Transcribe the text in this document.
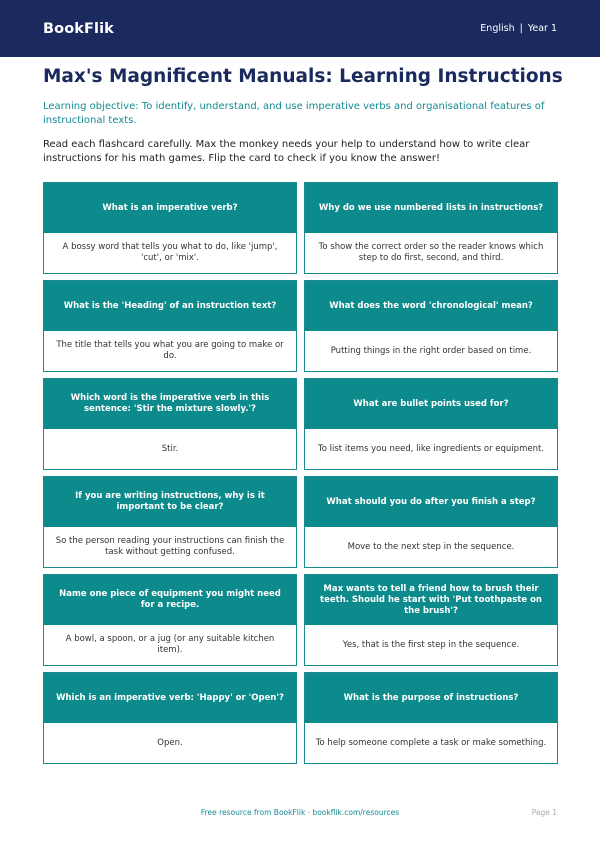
BookFlik	English | Year 1
Max's Magnificent Manuals: Learning Instructions

Learning objective: To identify, understand, and use imperative verbs and organisational features of instructional texts.

Read each flashcard carefully. Max the monkey needs your help to understand how to write clear instructions for his math games. Flip the card to check if you know the answer!

What is an imperative verb?
A bossy word that tells you what to do, like 'jump', 'cut', or 'mix'.
Why do we use numbered lists in instructions?
To show the correct order so the reader knows which step to do first, second, and third.
What is the 'Heading' of an instruction text?
The title that tells you what you are going to make or do.
What does the word 'chronological' mean?
Putting things in the right order based on time.
Which word is the imperative verb in this sentence: 'Stir the mixture slowly.'?
Stir.
What are bullet points used for?
To list items you need, like ingredients or equipment.
If you are writing instructions, why is it important to be clear?
So the person reading your instructions can finish the task without getting confused.
What should you do after you finish a step?
Move to the next step in the sequence.
Name one piece of equipment you might need for a recipe.
A bowl, a spoon, or a jug (or any suitable kitchen item).
Max wants to tell a friend how to brush their teeth. Should he start with 'Put toothpaste on the brush'?
Yes, that is the first step in the sequence.
Which is an imperative verb: 'Happy' or 'Open'?
Open.
What is the purpose of instructions?
To help someone complete a task or make something.
Free resource from BookFlik · bookflik.com/resources	Page 1
